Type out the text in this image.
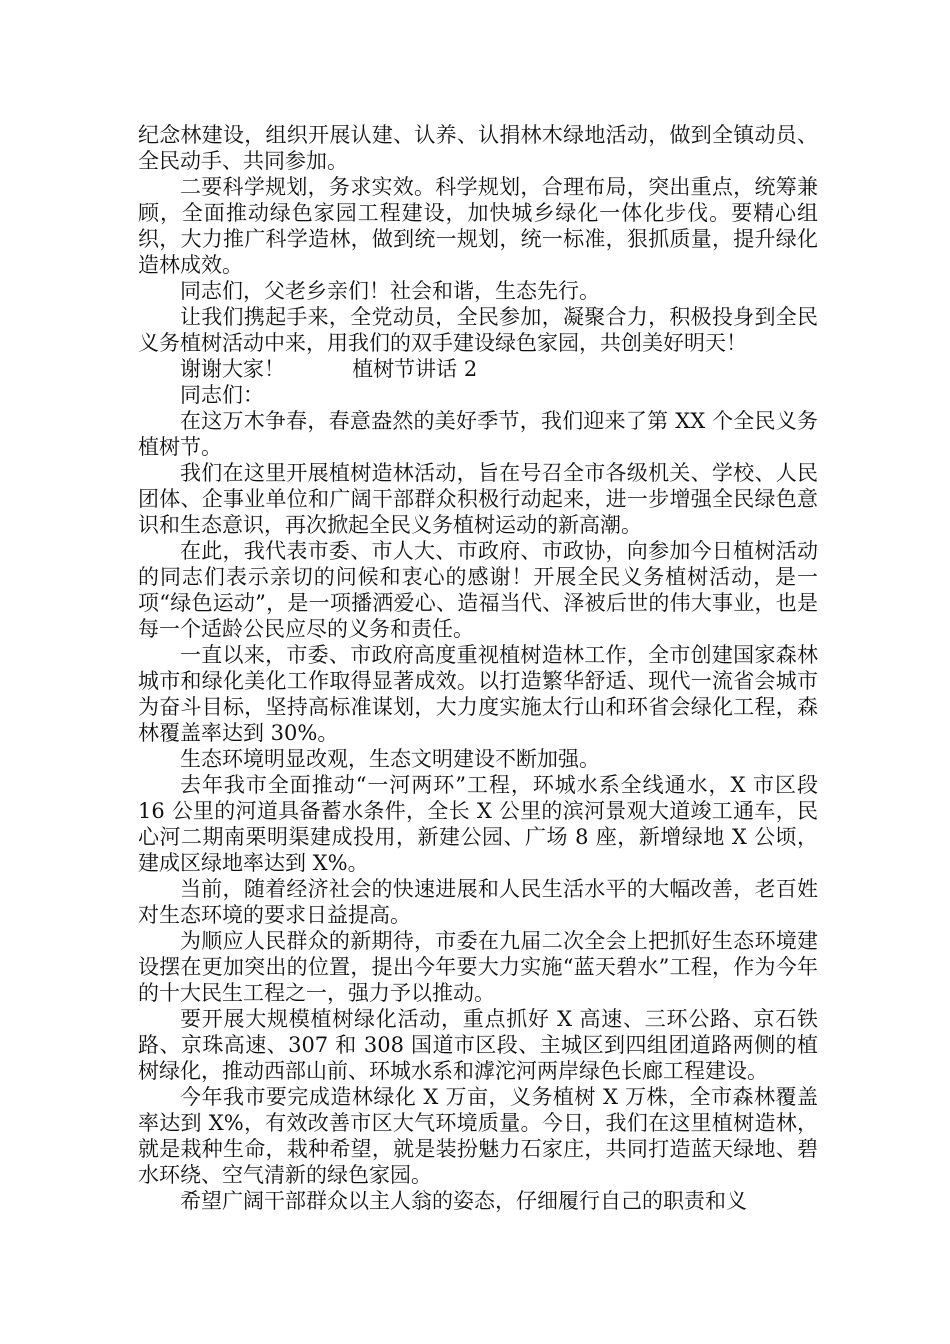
纪念林建设，组织开展认建、认养、认捐林木绿地活动，做到全镇动员、全民动手、共同参加。

二要科学规划，务求实效。科学规划，合理布局，突出重点，统筹兼顾，全面推动绿色家园工程建设，加快城乡绿化一体化步伐。要精心组织，大力推广科学造林，做到统一规划，统一标准，狠抓质量，提升绿化造林成效。

同志们，父老乡亲们！社会和谐，生态先行。

让我们携起手来，全党动员，全民参加，凝聚合力，积极投身到全民义务植树活动中来，用我们的双手建设绿色家园，共创美好明天！

谢谢大家！	植树节讲话 2

同志们：

在这万木争春，春意盎然的美好季节，我们迎来了第 XX 个全民义务植树节。

我们在这里开展植树造林活动，旨在号召全市各级机关、学校、人民团体、企事业单位和广阔干部群众积极行动起来，进一步增强全民绿色意识和生态意识，再次掀起全民义务植树运动的新高潮。

在此，我代表市委、市人大、市政府、市政协，向参加今日植树活动的同志们表示亲切的问候和衷心的感谢！开展全民义务植树活动，是一项“绿色运动”，是一项播洒爱心、造福当代、泽被后世的伟大事业，也是每一个适龄公民应尽的义务和责任。

一直以来，市委、市政府高度重视植树造林工作，全市创建国家森林城市和绿化美化工作取得显著成效。以打造繁华舒适、现代一流省会城市为奋斗目标，坚持高标准谋划，大力度实施太行山和环省会绿化工程，森林覆盖率达到 30%。

生态环境明显改观，生态文明建设不断加强。

去年我市全面推动“一河两环”工程，环城水系全线通水，X 市区段 16 公里的河道具备蓄水条件，全长 X 公里的滨河景观大道竣工通车，民心河二期南栗明渠建成投用，新建公园、广场 8 座，新增绿地 X 公顷，建成区绿地率达到 X%。

当前，随着经济社会的快速进展和人民生活水平的大幅改善，老百姓对生态环境的要求日益提高。

为顺应人民群众的新期待，市委在九届二次全会上把抓好生态环境建设摆在更加突出的位置，提出今年要大力实施“蓝天碧水”工程，作为今年的十大民生工程之一，强力予以推动。

要开展大规模植树绿化活动，重点抓好 X 高速、三环公路、京石铁路、京珠高速、307 和 308 国道市区段、主城区到四组团道路两侧的植树绿化，推动西部山前、环城水系和滹沱河两岸绿色长廊工程建设。

今年我市要完成造林绿化 X 万亩，义务植树 X 万株，全市森林覆盖率达到 X%，有效改善市区大气环境质量。今日，我们在这里植树造林，就是栽种生命，栽种希望，就是装扮魅力石家庄，共同打造蓝天绿地、碧水环绕、空气清新的绿色家园。

希望广阔干部群众以主人翁的姿态，仔细履行自己的职责和义
